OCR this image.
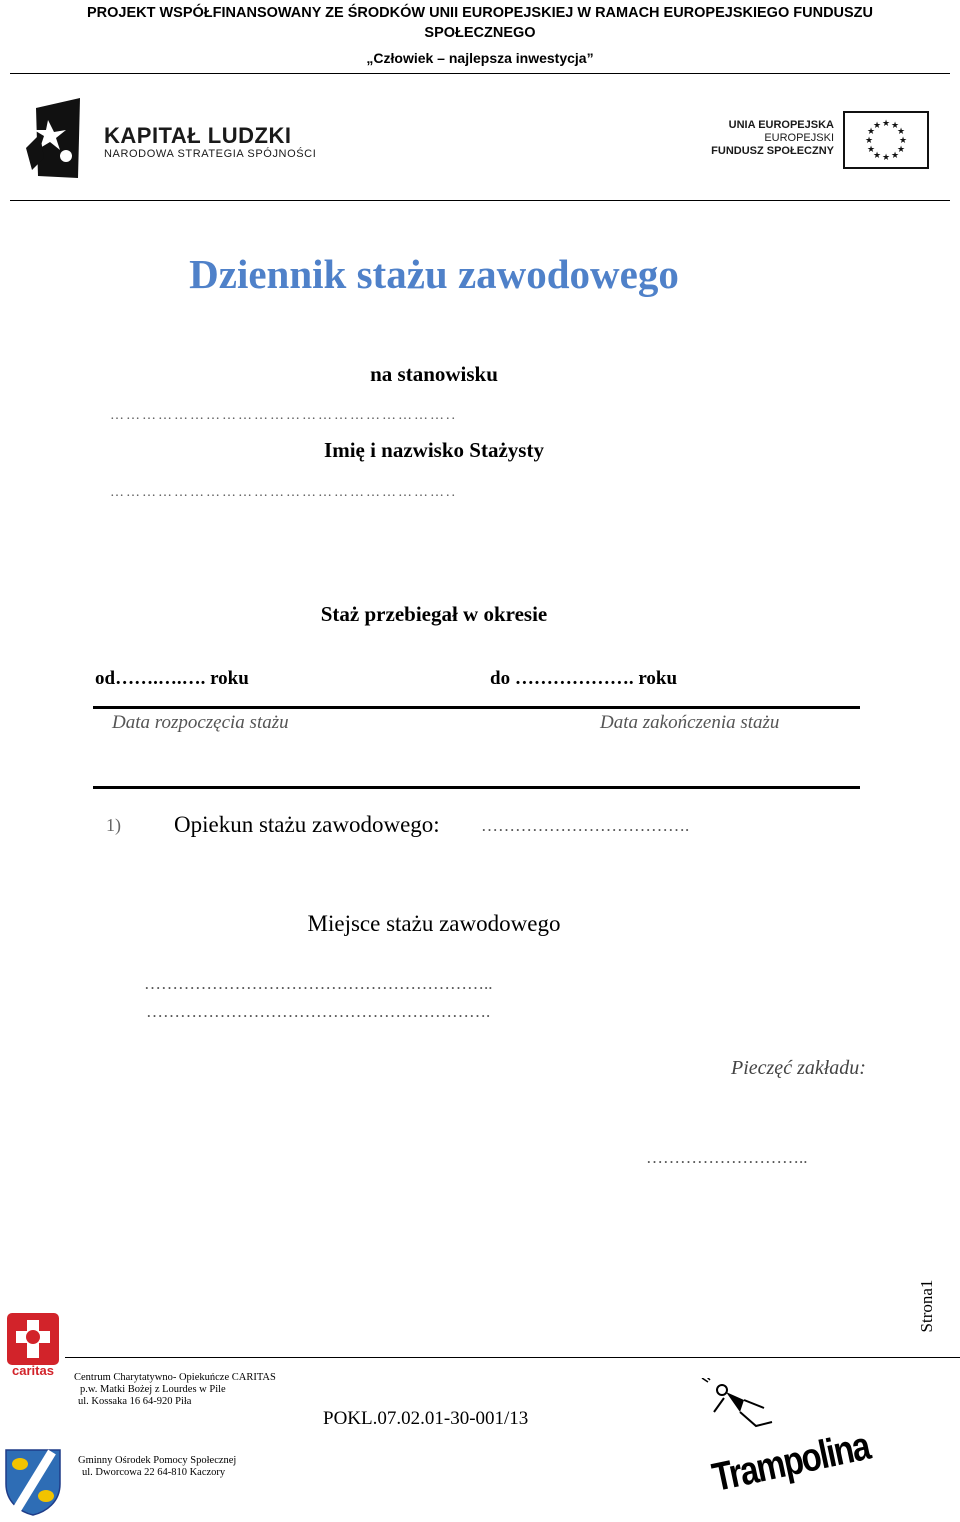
PROJEKT WSPÓŁFINANSOWANY ZE ŚRODKÓW UNII EUROPEJSKIEJ W RAMACH EUROPEJSKIEGO FUNDUSZU
SPOŁECZNEGO
„Człowiek – najlepsza inwestycja”
KAPITAŁ LUDZKI
NARODOWA STRATEGIA SPÓJNOŚCI
UNIA EUROPEJSKA
EUROPEJSKI
FUNDUSZ SPOŁECZNY
★ ★
★
★
★
★
★
★
★
★
★
★
Dziennik stażu zawodowego
na stanowisku
………………………………………………………..
Imię i nazwisko Stażysty
………………………………………………………..
Staż przebiegał w okresie
od…….….…. roku	do ………………. roku
Data rozpoczęcia stażu	Data zakończenia stażu
1) Opiekun stażu zawodowego: ……………………………….
Miejsce stażu zawodowego
……………………………………………………..
…………………………………………………….
Pieczęć zakładu:
………………………..
Strona1
caritas	Centrum Charytatywno- Opiekuńcze CARITAS
p.w. Matki Bożej z Lourdes w Pile
ul. Kossaka 16 64-920 Piła
POKL.07.02.01-30-001/13
Gminny Ośrodek Pomocy Społecznej
ul. Dworcowa 22 64-810 Kaczory	Trampolina
